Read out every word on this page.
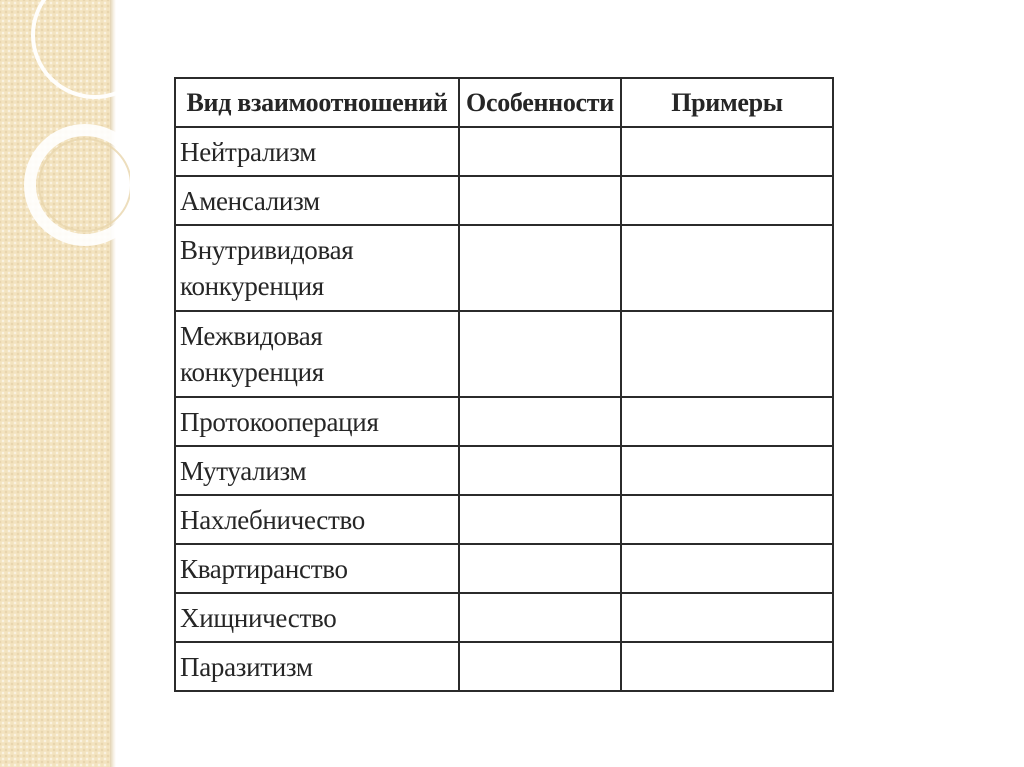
Вид взаимоотношений	Особенности	Примеры
Нейтрализм		
Аменсализм		
Внутривидовая конкуренция		
Межвидовая конкуренция		
Протокооперация		
Мутуализм		
Нахлебничество		
Квартиранство		
Хищничество		
Паразитизм		
